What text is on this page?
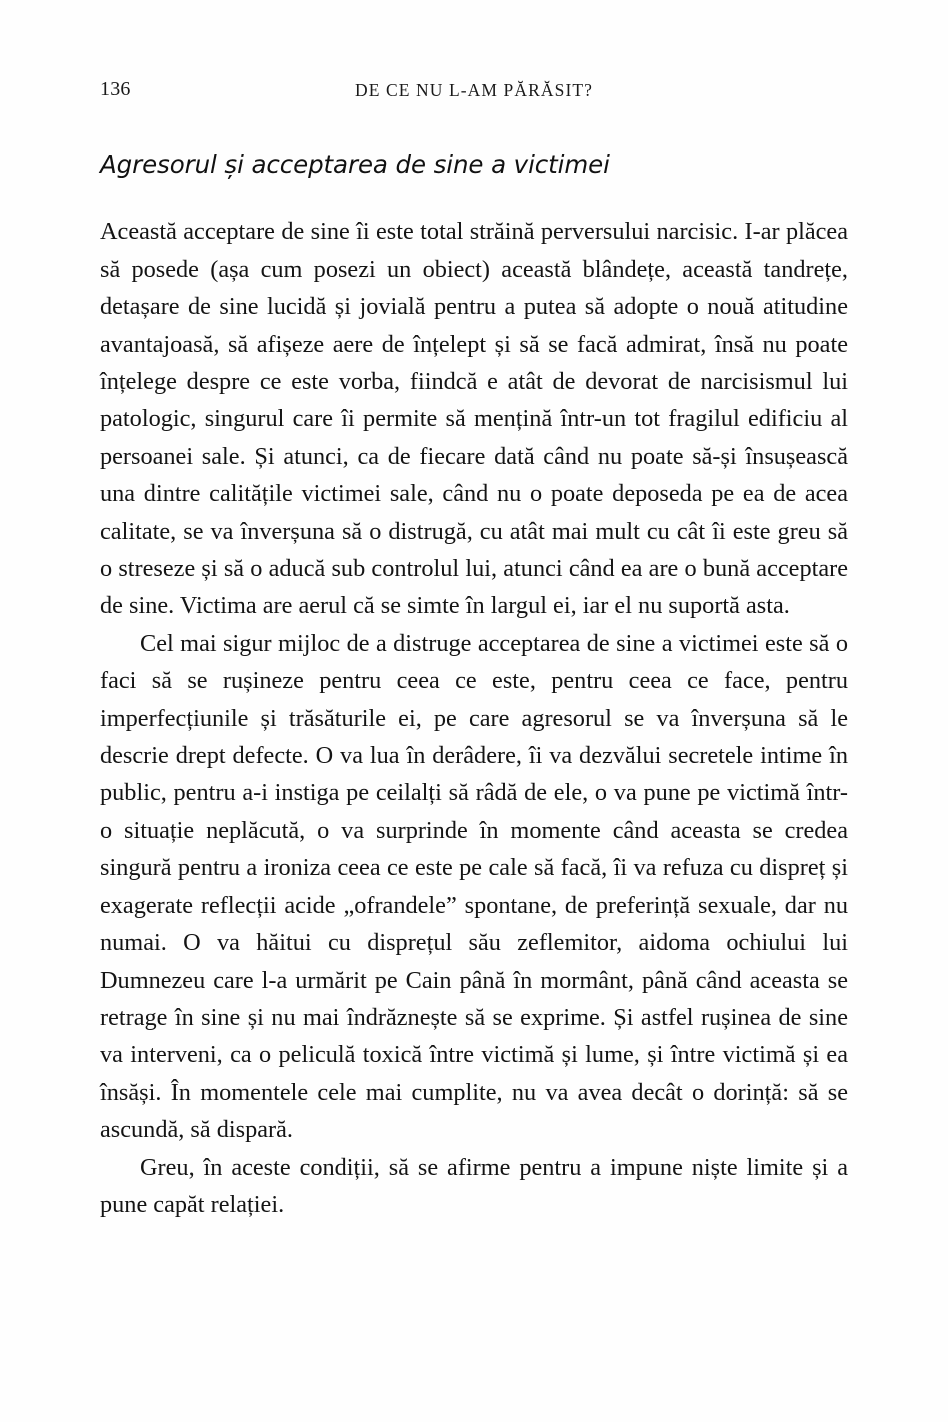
136	DE CE NU L-AM PĂRĂSIT?
Agresorul și acceptarea de sine a victimei

Această acceptare de sine îi este total străină perversului narcisic. I-ar plăcea să posede (așa cum posezi un obiect) această blândețe, această tandrețe, detașare de sine lucidă și jovială pentru a putea să adopte o nouă atitudine avantajoasă, să afișeze aere de înțelept și să se facă admirat, însă nu poate înțelege despre ce este vorba, fiindcă e atât de devorat de narcisismul lui patologic, singurul care îi permite să mențină într-un tot fragilul edificiu al persoanei sale. Și atunci, ca de fiecare dată când nu poate să-și însușească una dintre calitățile victimei sale, când nu o poate deposeda pe ea de acea calitate, se va înverșuna să o distrugă, cu atât mai mult cu cât îi este greu să o streseze și să o aducă sub controlul lui, atunci când ea are o bună acceptare de sine. Victima are aerul că se simte în largul ei, iar el nu suportă asta.

Cel mai sigur mijloc de a distruge acceptarea de sine a victimei este să o faci să se rușineze pentru ceea ce este, pentru ceea ce face, pentru imperfecțiunile și trăsăturile ei, pe care agresorul se va înverșuna să le descrie drept defecte. O va lua în derâdere, îi va dezvălui secretele intime în public, pentru a-i instiga pe ceilalți să râdă de ele, o va pune pe victimă într-o situație neplăcută, o va surprinde în momente când aceasta se credea singură pentru a ironiza ceea ce este pe cale să facă, îi va refuza cu dispreț și exagerate reflecții acide „ofrandele” spontane, de preferință sexuale, dar nu numai. O va hăitui cu disprețul său zeflemitor, aidoma ochiului lui Dumnezeu care l-a urmărit pe Cain până în mormânt, până când aceasta se retrage în sine și nu mai îndrăznește să se exprime. Și astfel rușinea de sine va interveni, ca o peliculă toxică între victimă și lume, și între victimă și ea însăși. În momentele cele mai cumplite, nu va avea decât o dorință: să se ascundă, să dispară.

Greu, în aceste condiții, să se afirme pentru a impune niște limite și a pune capăt relației.
